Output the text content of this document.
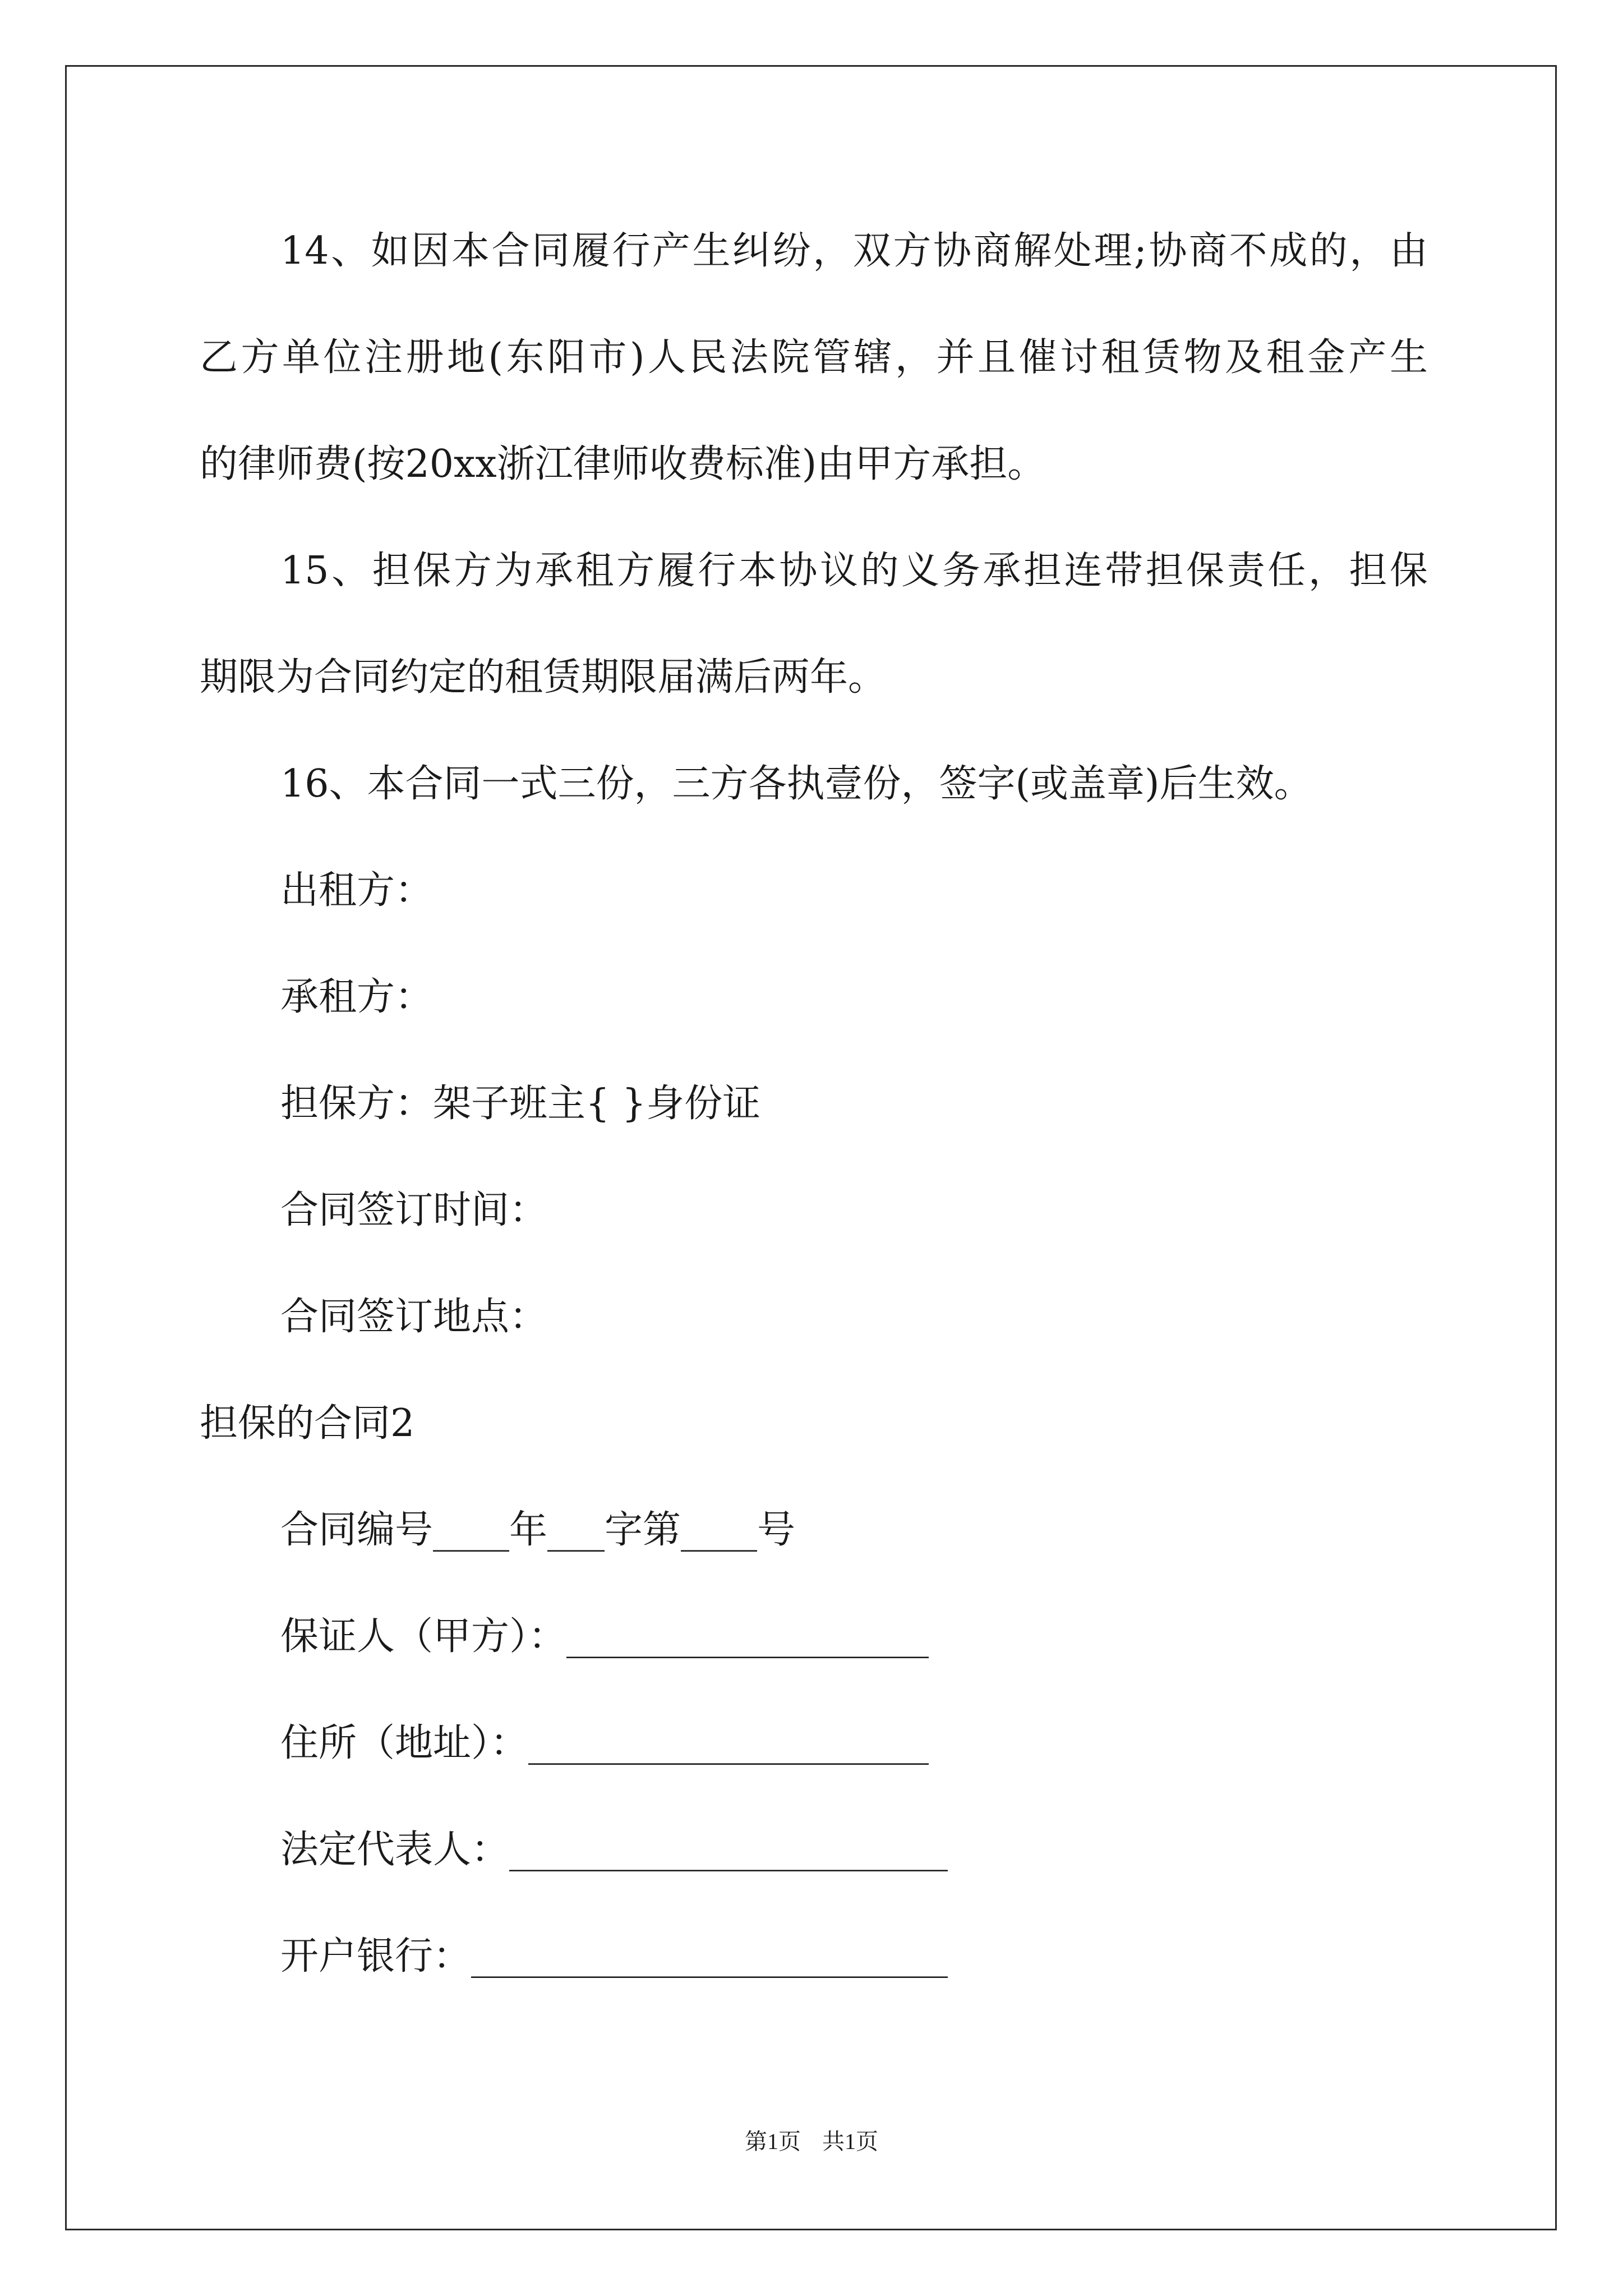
14、如因本合同履行产生纠纷，双方协商解处理;协商不成的，由
乙方单位注册地(东阳市)人民法院管辖，并且催讨租赁物及租金产生
的律师费(按20xx浙江律师收费标准)由甲方承担。
15、担保方为承租方履行本协议的义务承担连带担保责任，担保
期限为合同约定的租赁期限届满后两年。
16、本合同一式三份，三方各执壹份，签字(或盖章)后生效。
出租方：
承租方：
担保方：架子班主{ }身份证
合同签订时间：
合同签订地点：
担保的合同2
合同编号____年___字第____号
保证人（甲方）：___________________
住所（地址）：_____________________
法定代表人：_______________________
开户银行：_________________________
第1页 共1页
